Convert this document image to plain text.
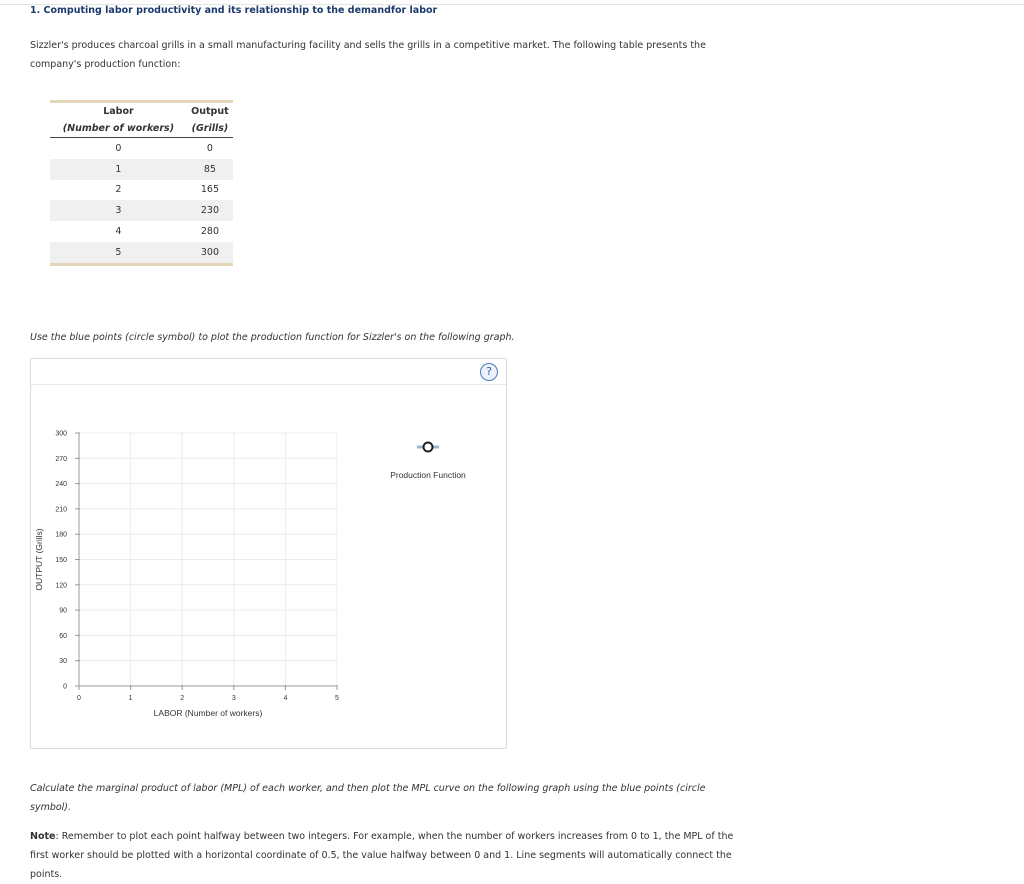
1. Computing labor productivity and its relationship to the demandfor labor

Sizzler's produces charcoal grills in a small manufacturing facility and sells the grills in a competitive market. The following table presents the

company's production function:

Labor	Output
(Number of workers)	(Grills)
0	0
1	85
2	165
3	230
4	280
5	300
Use the blue points (circle symbol) to plot the production function for Sizzler's on the following graph.
?
0
30
60
90
120
150
180
210
240
270
300
0	1	2	3	4	5
LABOR (Number of workers)
OUTPUT (Grills)
Production Function
Calculate the marginal product of labor (MPL) of each worker, and then plot the MPL curve on the following graph using the blue points (circle
symbol).
Note: Remember to plot each point halfway between two integers. For example, when the number of workers increases from 0 to 1, the MPL of the
first worker should be plotted with a horizontal coordinate of 0.5, the value halfway between 0 and 1. Line segments will automatically connect the
points.
